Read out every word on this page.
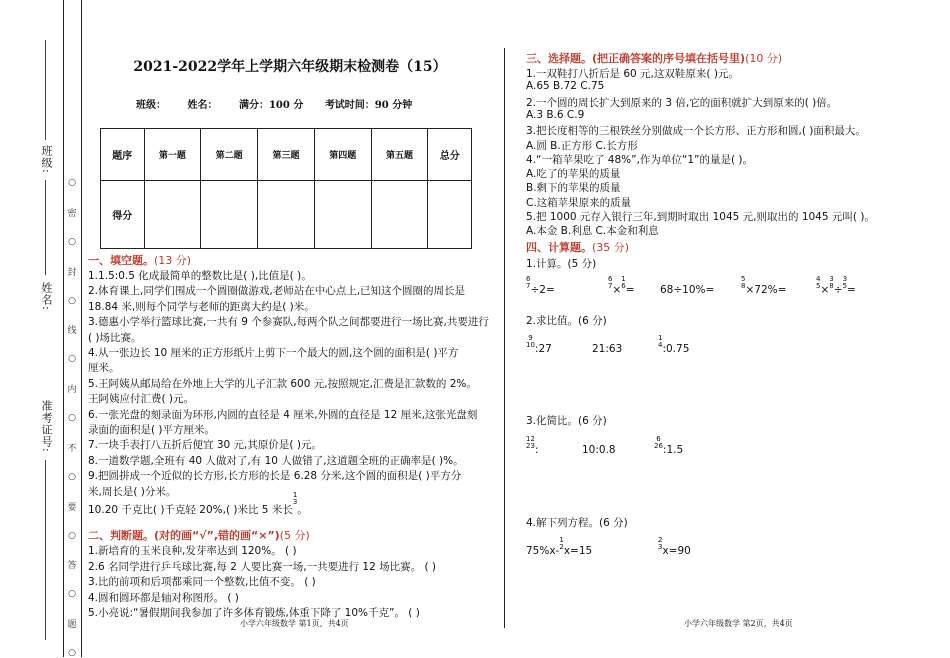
班级:
姓名:
准考证号:
○
密
○
封
○
线
○
内
○
不
○
要
○
答
○
题
○
2021-2022学年上学期六年级期末检测卷（15）
班级： 姓名： 满分：100 分 考试时间：90 分钟
题序	第一题	第二题	第三题	第四题	第五题	总分
得分						
一、填空题。(13 分)
1.1.5:0.5 化成最简单的整数比是( ),比值是( )。
2.体育课上,同学们围成一个圆圈做游戏,老师站在中心点上,已知这个圆圈的周长是
18.84 米,则每个同学与老师的距离大约是( )米。
3.德惠小学举行篮球比赛,一共有 9 个参赛队,每两个队之间都要进行一场比赛,共要进行
( )场比赛。
4.从一张边长 10 厘米的正方形纸片上剪下一个最大的圆,这个圆的面积是( )平方
厘米。
5.王阿姨从邮局给在外地上大学的儿子汇款 600 元,按照规定,汇费是汇款数的 2%。
王阿姨应付汇费( )元。
6.一张光盘的刻录面为环形,内圆的直径是 4 厘米,外圆的直径是 12 厘米,这张光盘刻
录面的面积是( )平方厘米。
7.一块手表打八五折后便宜 30 元,其原价是( )元。
8.一道数学题,全班有 40 人做对了,有 10 人做错了,这道题全班的正确率是( )%。
9.把圆拼成一个近似的长方形,长方形的长是 6.28 分米,这个圆的面积是( )平方分
米,周长是( )分米。
10.20 千克比( )千克轻 20%,( )米比 5 米长
1
3
。
二、判断题。(对的画“√”,错的画“×”)(5 分)
1.新培育的玉米良种,发芽率达到 120%。 ( )
2.6 名同学进行乒乓球比赛,每 2 人要比赛一场,一共要进行 12 场比赛。 ( )
3.比的前项和后项都乘同一个整数,比值不变。 ( )
4.圆和圆环都是轴对称图形。 ( )
5.小亮说:“暑假期间我参加了许多体育锻炼,体重下降了 10%千克”。 ( )
小学六年级数学 第1页，共4页
三、选择题。(把正确答案的序号填在括号里)(10 分)
1.一双鞋打八折后是 60 元,这双鞋原来( )元。
A.65 B.72 C.75
2.一个圆的周长扩大到原来的 3 倍,它的面积就扩大到原来的( )倍。
A.3 B.6 C.9
3.把长度相等的三根铁丝分别做成一个长方形、正方形和圆,( )面积最大。
A.圆 B.正方形 C.长方形
4.“一箱苹果吃了 48%”,作为单位“1”的量是( )。
A.吃了的苹果的质量
B.剩下的苹果的质量
C.这箱苹果原来的质量
5.把 1000 元存入银行三年,到期时取出 1045 元,则取出的 1045 元叫( )。
A.本金 B.利息 C.本金和利息
四、计算题。(35 分)
1.计算。(5 分)
6
7 ÷2=
6
7 ×
1
6 = 68÷10%=
5
8 ×72%=
4
5 ×
3
8 ÷
3
5 =
2.求比值。(6 分)
9
10 :27	21:63
1
4 :0.75
3.化简比。(6 分)
1
2
2
3 :	10:0.8
6
26 :1.5
4.解下列方程。(6 分)
75%x-
1
2 x=15
2
3 x=90
小学六年级数学 第2页，共4页
